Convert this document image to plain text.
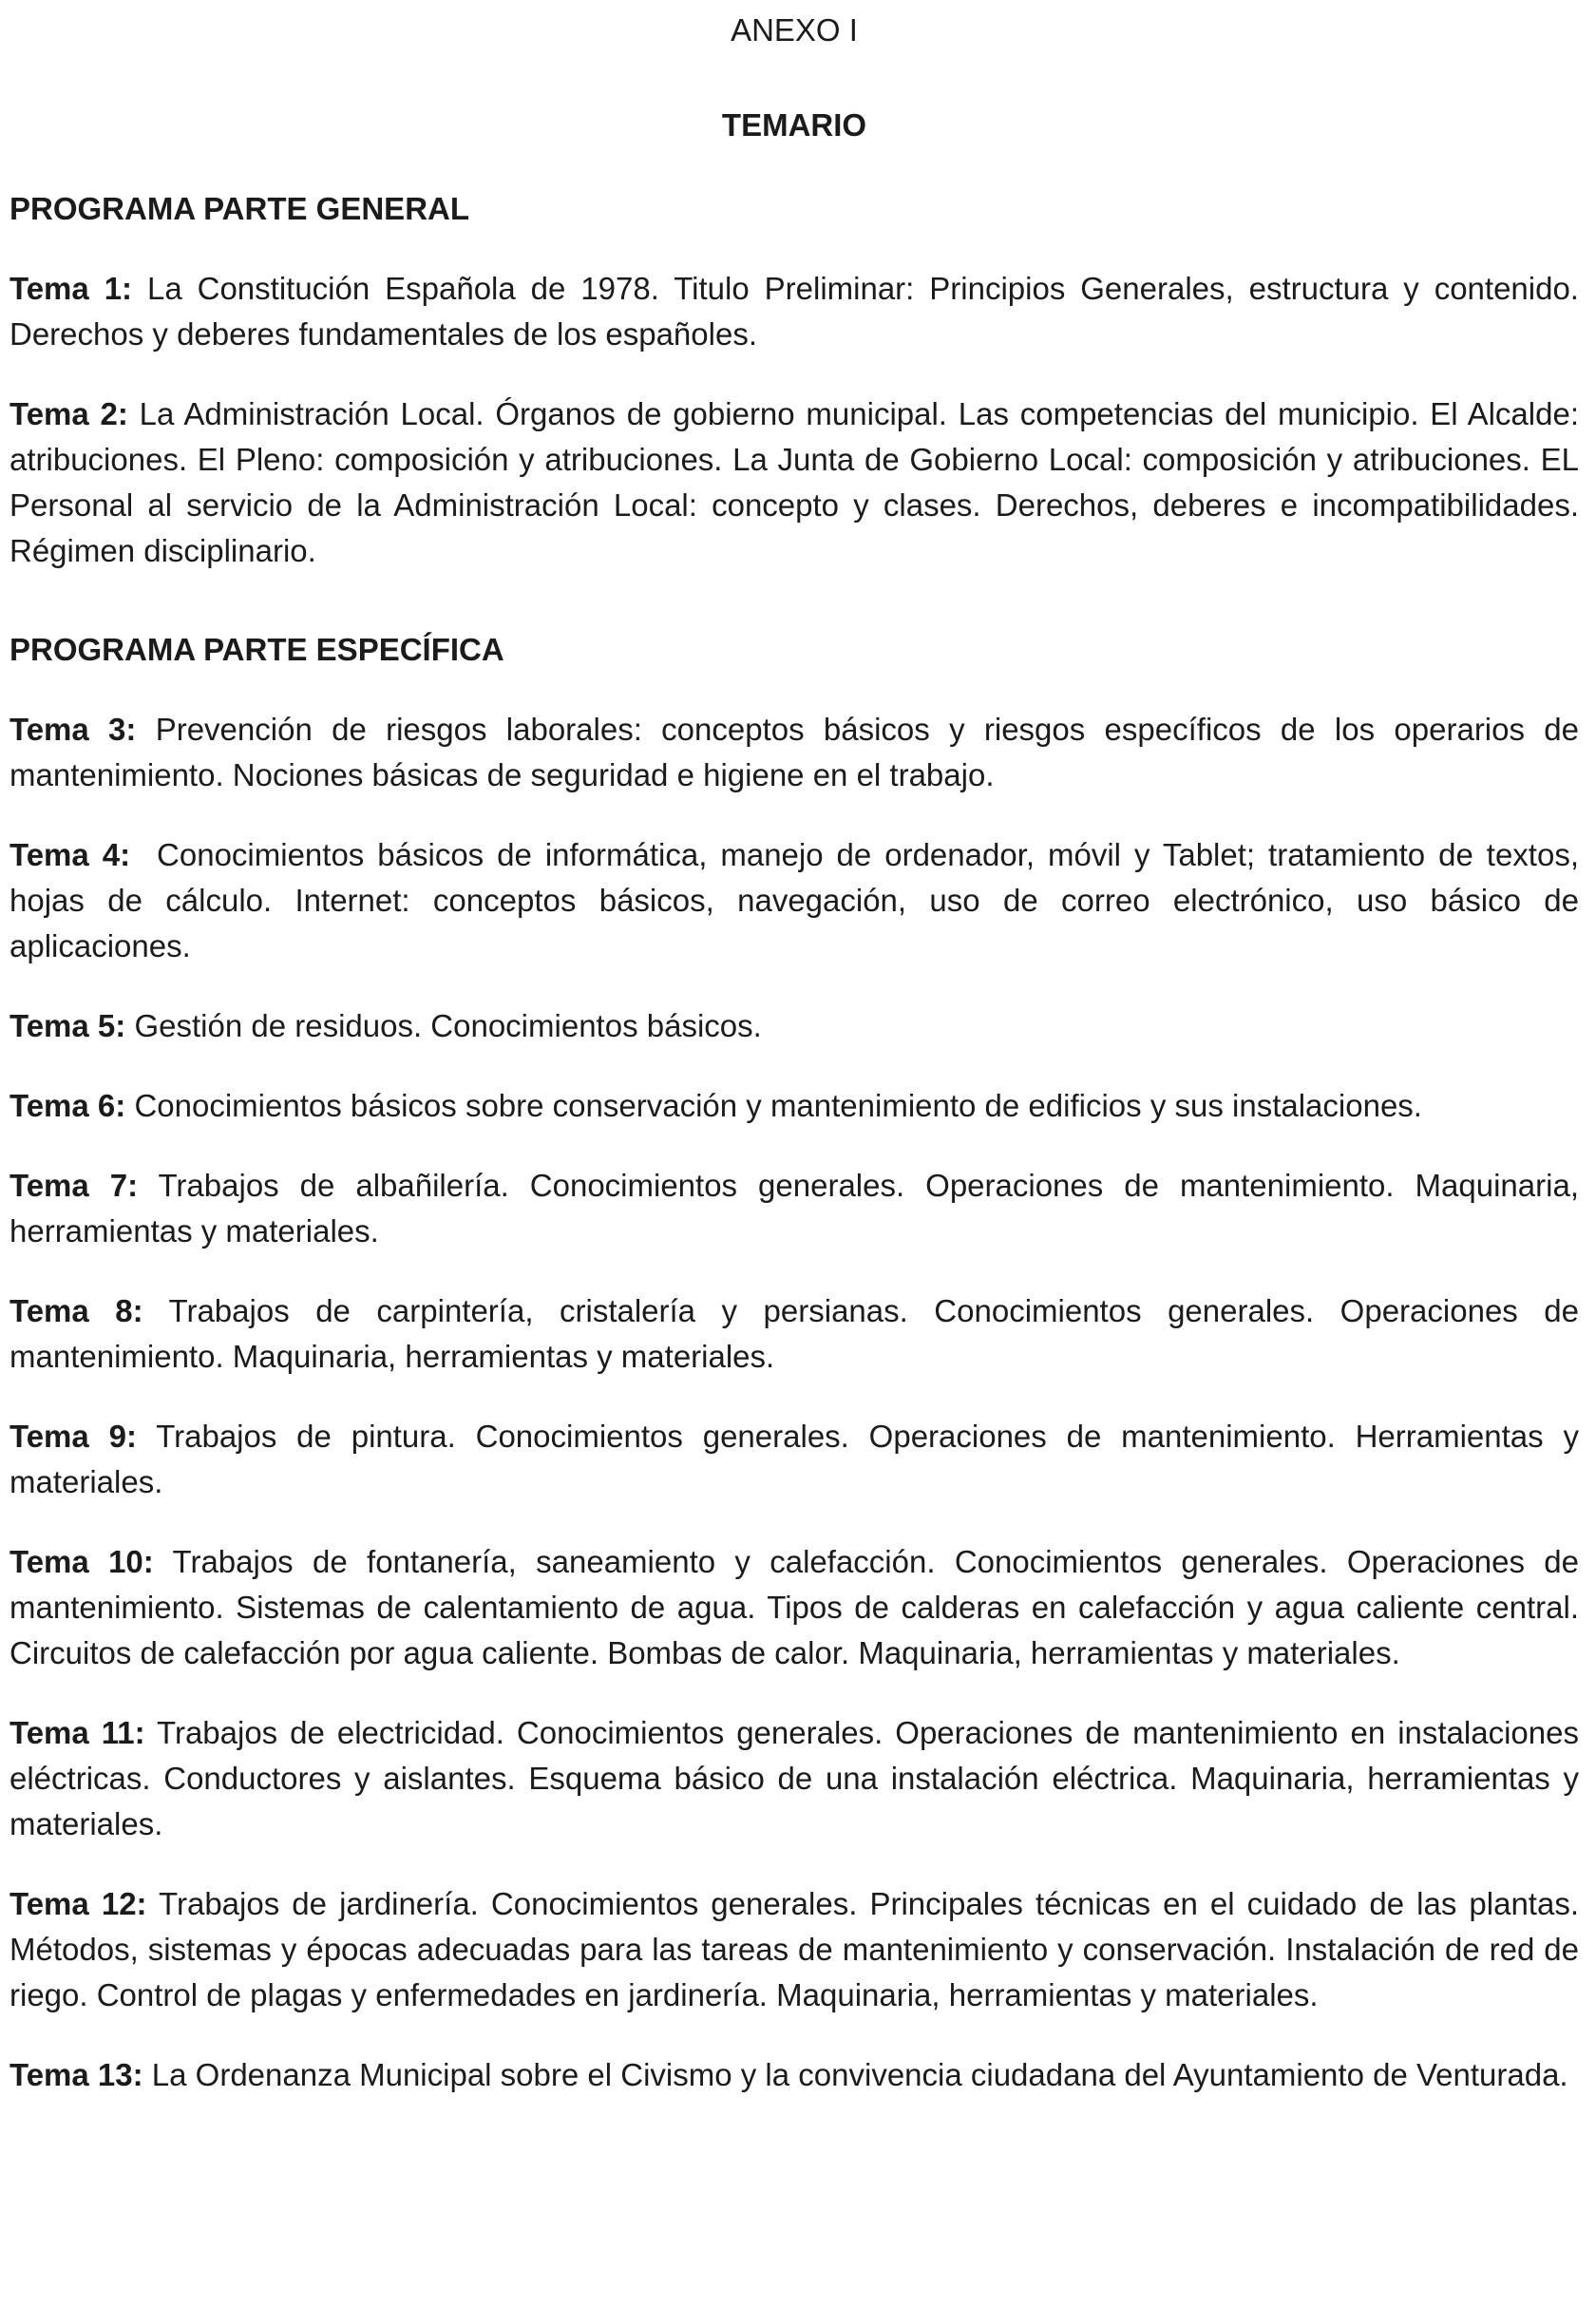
ANEXO I

TEMARIO

PROGRAMA PARTE GENERAL

Tema 1: La Constitución Española de 1978. Titulo Preliminar: Principios Generales, estructura y contenido. Derechos y deberes fundamentales de los españoles.

Tema 2: La Administración Local. Órganos de gobierno municipal. Las competencias del municipio. El Alcalde: atribuciones. El Pleno: composición y atribuciones. La Junta de Gobierno Local: composición y atribuciones. EL Personal al servicio de la Administración Local: concepto y clases. Derechos, deberes e incompatibilidades. Régimen disciplinario.

PROGRAMA PARTE ESPECÍFICA

Tema 3: Prevención de riesgos laborales: conceptos básicos y riesgos específicos de los operarios de mantenimiento. Nociones básicas de seguridad e higiene en el trabajo.

Tema 4:  Conocimientos básicos de informática, manejo de ordenador, móvil y Tablet; tratamiento de textos, hojas de cálculo. Internet: conceptos básicos, navegación, uso de correo electrónico, uso básico de aplicaciones.

Tema 5: Gestión de residuos. Conocimientos básicos.

Tema 6: Conocimientos básicos sobre conservación y mantenimiento de edificios y sus instalaciones.

Tema 7: Trabajos de albañilería. Conocimientos generales. Operaciones de mantenimiento. Maquinaria, herramientas y materiales.

Tema 8: Trabajos de carpintería, cristalería y persianas. Conocimientos generales. Operaciones de mantenimiento. Maquinaria, herramientas y materiales.

Tema 9: Trabajos de pintura. Conocimientos generales. Operaciones de mantenimiento. Herramientas y materiales.

Tema 10: Trabajos de fontanería, saneamiento y calefacción. Conocimientos generales. Operaciones de mantenimiento. Sistemas de calentamiento de agua. Tipos de calderas en calefacción y agua caliente central. Circuitos de calefacción por agua caliente. Bombas de calor. Maquinaria, herramientas y materiales.

Tema 11: Trabajos de electricidad. Conocimientos generales. Operaciones de mantenimiento en instalaciones eléctricas. Conductores y aislantes. Esquema básico de una instalación eléctrica. Maquinaria, herramientas y materiales.

Tema 12: Trabajos de jardinería. Conocimientos generales. Principales técnicas en el cuidado de las plantas. Métodos, sistemas y épocas adecuadas para las tareas de mantenimiento y conservación. Instalación de red de riego. Control de plagas y enfermedades en jardinería. Maquinaria, herramientas y materiales.

Tema 13: La Ordenanza Municipal sobre el Civismo y la convivencia ciudadana del Ayuntamiento de Venturada.
